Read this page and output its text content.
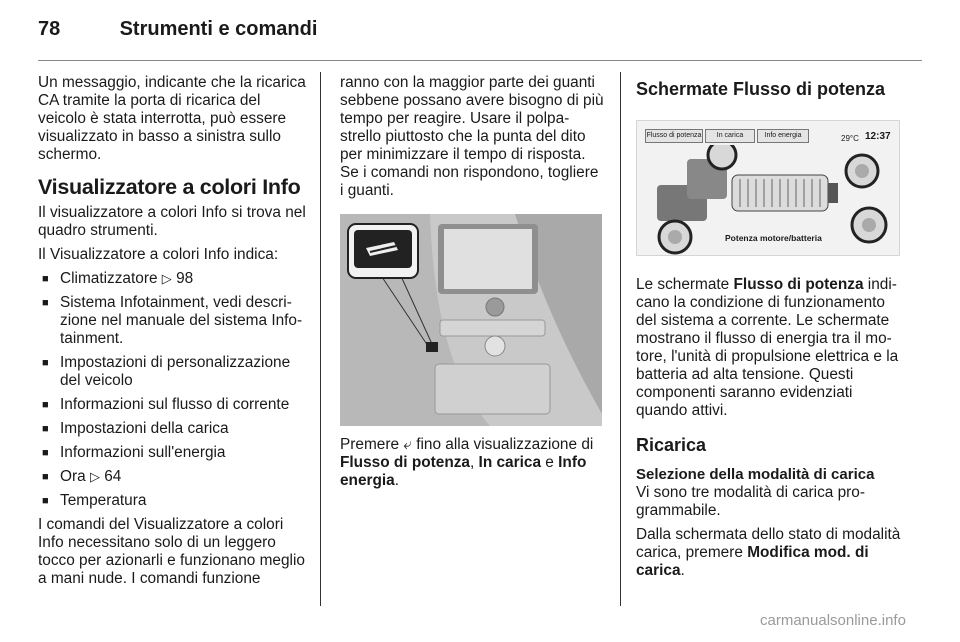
78	Strumenti e comandi

Un messaggio, indicante che la ricarica CA tramite la porta di ricarica del veicolo è stata interrotta, può essere visualizzato in basso a sinistra sullo schermo.

Visualizzatore a colori Info

Il visualizzatore a colori Info si trova nel quadro strumenti.

Il Visualizzatore a colori Info indica:

■ Climatizzatore ▷ 98
■ Sistema Infotainment, vedi descrizione nel manuale del sistema Infotainment.
■ Impostazioni di personalizzazione del veicolo
■ Informazioni sul flusso di corrente
■ Impostazioni della carica
■ Informazioni sull'energia
■ Ora ▷ 64
■ Temperatura

I comandi del Visualizzatore a colori Info necessitano solo di un leggero tocco per azionarli e funzionano meglio a mani nude. I comandi funzione

ranno con la maggior parte dei guanti sebbene possano avere bisogno di più tempo per reagire. Usare il polpastrello piuttosto che la punta del dito per minimizzare il tempo di risposta. Se i comandi non rispondono, togliere i guanti.

Premere ⤶ fino alla visualizzazione di Flusso di potenza, In carica e Info energia.

Schermate Flusso di potenza
Flusso di potenza	In carica	Info energia	29°C 12:37
Potenza motore/batteria

Le schermate Flusso di potenza indicano la condizione di funzionamento del sistema a corrente. Le schermate mostrano il flusso di energia tra il motore, l'unità di propulsione elettrica e la batteria ad alta tensione. Questi componenti saranno evidenziati quando attivi.

Ricarica
Selezione della modalità di carica

Vi sono tre modalità di carica programmabile.

Dalla schermata dello stato di modalità carica, premere Modifica mod. di carica.

carmanualsonline.info
